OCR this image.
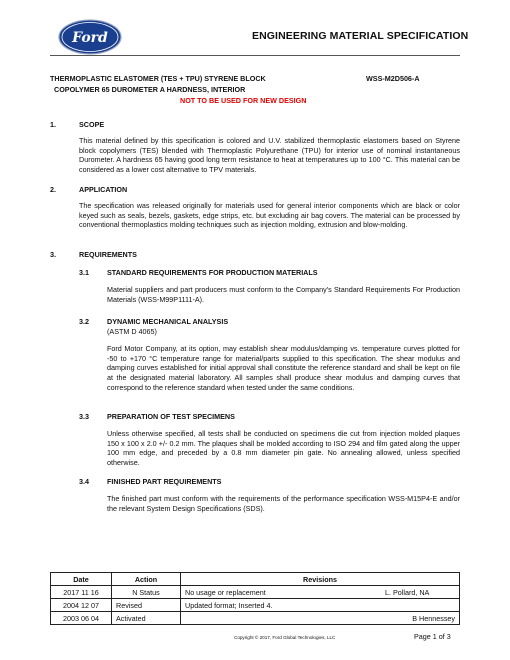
Ford	ENGINEERING MATERIAL SPECIFICATION
THERMOPLASTIC ELASTOMER (TES + TPU) STYRENE BLOCK	WSS-M2D506-A
COPOLYMER 65 DUROMETER A HARDNESS, INTERIOR
NOT TO BE USED FOR NEW DESIGN
1.	SCOPE
This material defined by this specification is colored and U.V. stabilized thermoplastic elastomers based on Styrene block copolymers (TES) blended with Thermoplastic Polyurethane (TPU) for interior use of nominal instantaneous Durometer. A hardness 65 having good long term resistance to heat at temperatures up to 100 °C. This material can be considered as a lower cost alternative to TPV materials.
2.	APPLICATION
The specification was released originally for materials used for general interior components which are black or color keyed such as seals, bezels, gaskets, edge strips, etc. but excluding air bag covers. The material can be processed by conventional thermoplastics molding techniques such as injection molding, extrusion and blow-molding.
3.	REQUIREMENTS
3.1	STANDARD REQUIREMENTS FOR PRODUCTION MATERIALS
Material suppliers and part producers must conform to the Company's Standard Requirements For Production Materials (WSS-M99P1111-A).
3.2	DYNAMIC MECHANICAL ANALYSIS
(ASTM D 4065)
Ford Motor Company, at its option, may establish shear modulus/damping vs. temperature curves plotted for -50 to +170 °C temperature range for material/parts supplied to this specification. The shear modulus and damping curves established for initial approval shall constitute the reference standard and shall be kept on file at the designated material laboratory. All samples shall produce shear modulus and damping curves that correspond to the reference standard when tested under the same conditions.
3.3	PREPARATION OF TEST SPECIMENS
Unless otherwise specified, all tests shall be conducted on specimens die cut from injection molded plaques 150 x 100 x 2.0 +/- 0.2 mm. The plaques shall be molded according to ISO 294 and film gated along the upper 100 mm edge, and preceded by a 0.8 mm diameter pin gate. No annealing allowed, unless specified otherwise.
3.4	FINISHED PART REQUIREMENTS
The finished part must conform with the requirements of the performance specification WSS-M15P4-E and/or the relevant System Design Specifications (SDS).
Date	Action	Revisions
2017 11 16	N Status	No usage or replacement L. Pollard, NA

2004 12 07	Revised	Updated format; Inserted 4.
2003 06 04	Activated	B Hennessey
Copyright © 2017, Ford Global Technologies, LLC	Page 1 of 3
